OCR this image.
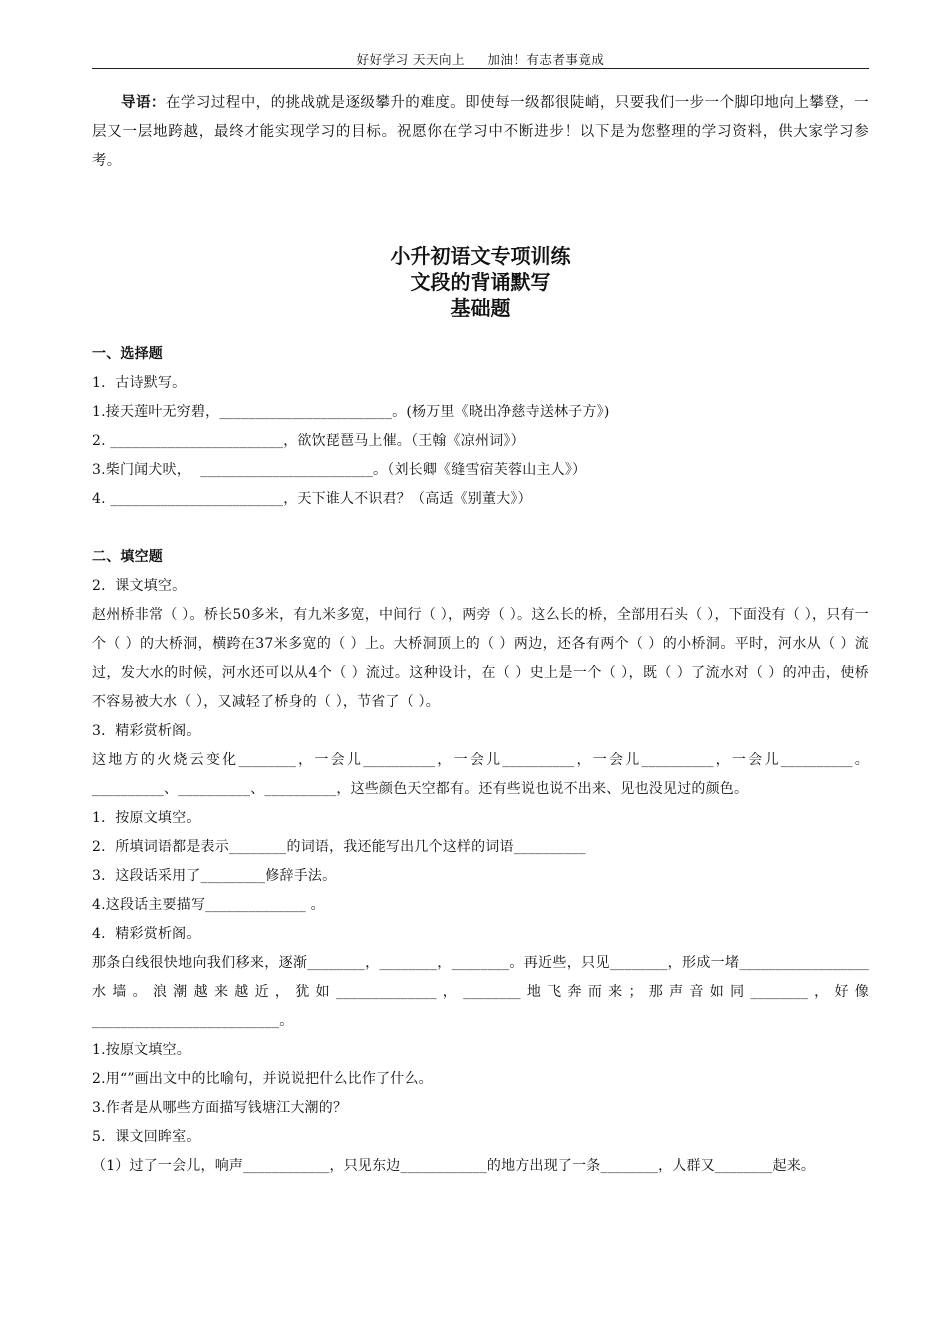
好好学习 天天向上     加油！有志者事竟成
导语：在学习过程中，的挑战就是逐级攀升的难度。即使每一级都很陡峭，只要我们一步一个脚印地向上攀登，一层又一层地跨越，最终才能实现学习的目标。祝愿你在学习中不断进步！以下是为您整理的学习资料，供大家学习参考。
小升初语文专项训练
文段的背诵默写
基础题
一、选择题
1．古诗默写。
1.接天莲叶无穷碧，________________________。(杨万里《晓出净慈寺送林子方》)
2. ________________________，欲饮琵琶马上催。（王翰《凉州词》）
3.柴门闻犬吠，  ________________________。（刘长卿《缝雪宿芙蓉山主人》）
4. ________________________，天下谁人不识君？（高适《别董大》）
二、填空题
2．课文填空。
赵州桥非常（ ）。桥长50多米，有九米多宽，中间行（ ），两旁（ ）。这么长的桥，全部用石头（ ），下面没有（ ），只有一个（ ）的大桥洞，横跨在37米多宽的（ ）上。大桥洞顶上的（ ）两边，还各有两个（ ）的小桥洞。平时，河水从（ ）流过，发大水的时候，河水还可以从4个（ ）流过。这种设计，在（ ）史上是一个（ ），既（ ）了流水对（ ）的冲击，使桥不容易被大水（ ），又减轻了桥身的（ ），节省了（ ）。
3．精彩赏析阁。
这地方的火烧云变化________，一会儿__________，一会儿__________，一会儿__________，一会儿__________。__________、__________、__________，这些颜色天空都有。还有些说也说不出来、见也没见过的颜色。
1．按原文填空。
2．所填词语都是表示________的词语，我还能写出几个这样的词语__________
3．这段话采用了_________修辞手法。
4.这段话主要描写______________ 。
4．精彩赏析阁。
那条白线很快地向我们移来，逐渐________，________，________。再近些，只见________，形成一堵__________________水墙。浪潮越来越近，犹如______________，________地飞奔而来；那声音如同________，好像__________________________。
1.按原文填空。
2.用“”画出文中的比喻句，并说说把什么比作了什么。
3.作者是从哪些方面描写钱塘江大潮的？
5．课文回眸室。
（1）过了一会儿，响声____________，只见东边____________的地方出现了一条________，人群又________起来。
